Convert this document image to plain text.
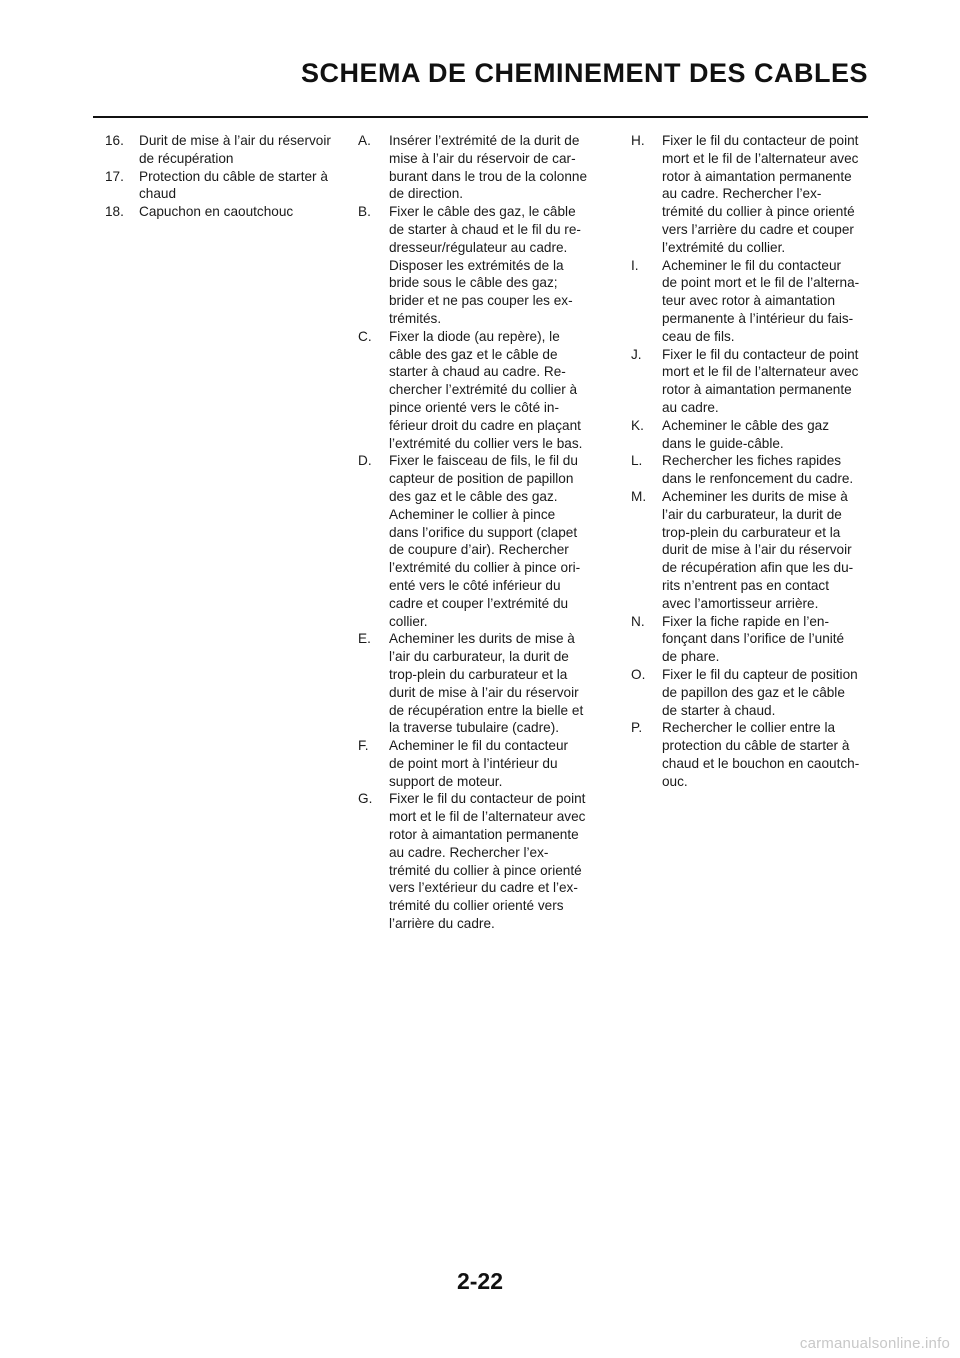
SCHEMA DE CHEMINEMENT DES CABLES
16.	Durit de mise à l’air du réservoir
de récupération
17.	Protection du câble de starter à
chaud
18.	Capuchon en caoutchouc
A.	Insérer l’extrémité de la durit de
mise à l’air du réservoir de car-
burant dans le trou de la colonne
de direction.
B.	Fixer le câble des gaz, le câble
de starter à chaud et le fil du re-
dresseur/régulateur au cadre.
Disposer les extrémités de la
bride sous le câble des gaz;
brider et ne pas couper les ex-
trémités.
C.	Fixer la diode (au repère), le
câble des gaz et le câble de
starter à chaud au cadre. Re-
chercher l’extrémité du collier à
pince orienté vers le côté in-
férieur droit du cadre en plaçant
l’extrémité du collier vers le bas.
D.	Fixer le faisceau de fils, le fil du
capteur de position de papillon
des gaz et le câble des gaz.
Acheminer le collier à pince
dans l’orifice du support (clapet
de coupure d’air). Rechercher
l’extrémité du collier à pince ori-
enté vers le côté inférieur du
cadre et couper l’extrémité du
collier.
E.	Acheminer les durits de mise à
l’air du carburateur, la durit de
trop-plein du carburateur et la
durit de mise à l’air du réservoir
de récupération entre la bielle et
la traverse tubulaire (cadre).
F.	Acheminer le fil du contacteur
de point mort à l’intérieur du
support de moteur.
G.	Fixer le fil du contacteur de point
mort et le fil de l’alternateur avec
rotor à aimantation permanente
au cadre. Rechercher l’ex-
trémité du collier à pince orienté
vers l’extérieur du cadre et l’ex-
trémité du collier orienté vers
l’arrière du cadre.
H.	Fixer le fil du contacteur de point
mort et le fil de l’alternateur avec
rotor à aimantation permanente
au cadre. Rechercher l’ex-
trémité du collier à pince orienté
vers l’arrière du cadre et couper
l’extrémité du collier.
I.	Acheminer le fil du contacteur
de point mort et le fil de l’alterna-
teur avec rotor à aimantation
permanente à l’intérieur du fais-
ceau de fils.
J.	Fixer le fil du contacteur de point
mort et le fil de l’alternateur avec
rotor à aimantation permanente
au cadre.
K.	Acheminer le câble des gaz
dans le guide-câble.
L.	Rechercher les fiches rapides
dans le renfoncement du cadre.
M.	Acheminer les durits de mise à
l’air du carburateur, la durit de
trop-plein du carburateur et la
durit de mise à l’air du réservoir
de récupération afin que les du-
rits n’entrent pas en contact
avec l’amortisseur arrière.
N.	Fixer la fiche rapide en l’en-
fonçant dans l’orifice de l’unité
de phare.
O.	Fixer le fil du capteur de position
de papillon des gaz et le câble
de starter à chaud.
P.	Rechercher le collier entre la
protection du câble de starter à
chaud et le bouchon en caoutch-
ouc.
2-22
carmanualsonline.info
